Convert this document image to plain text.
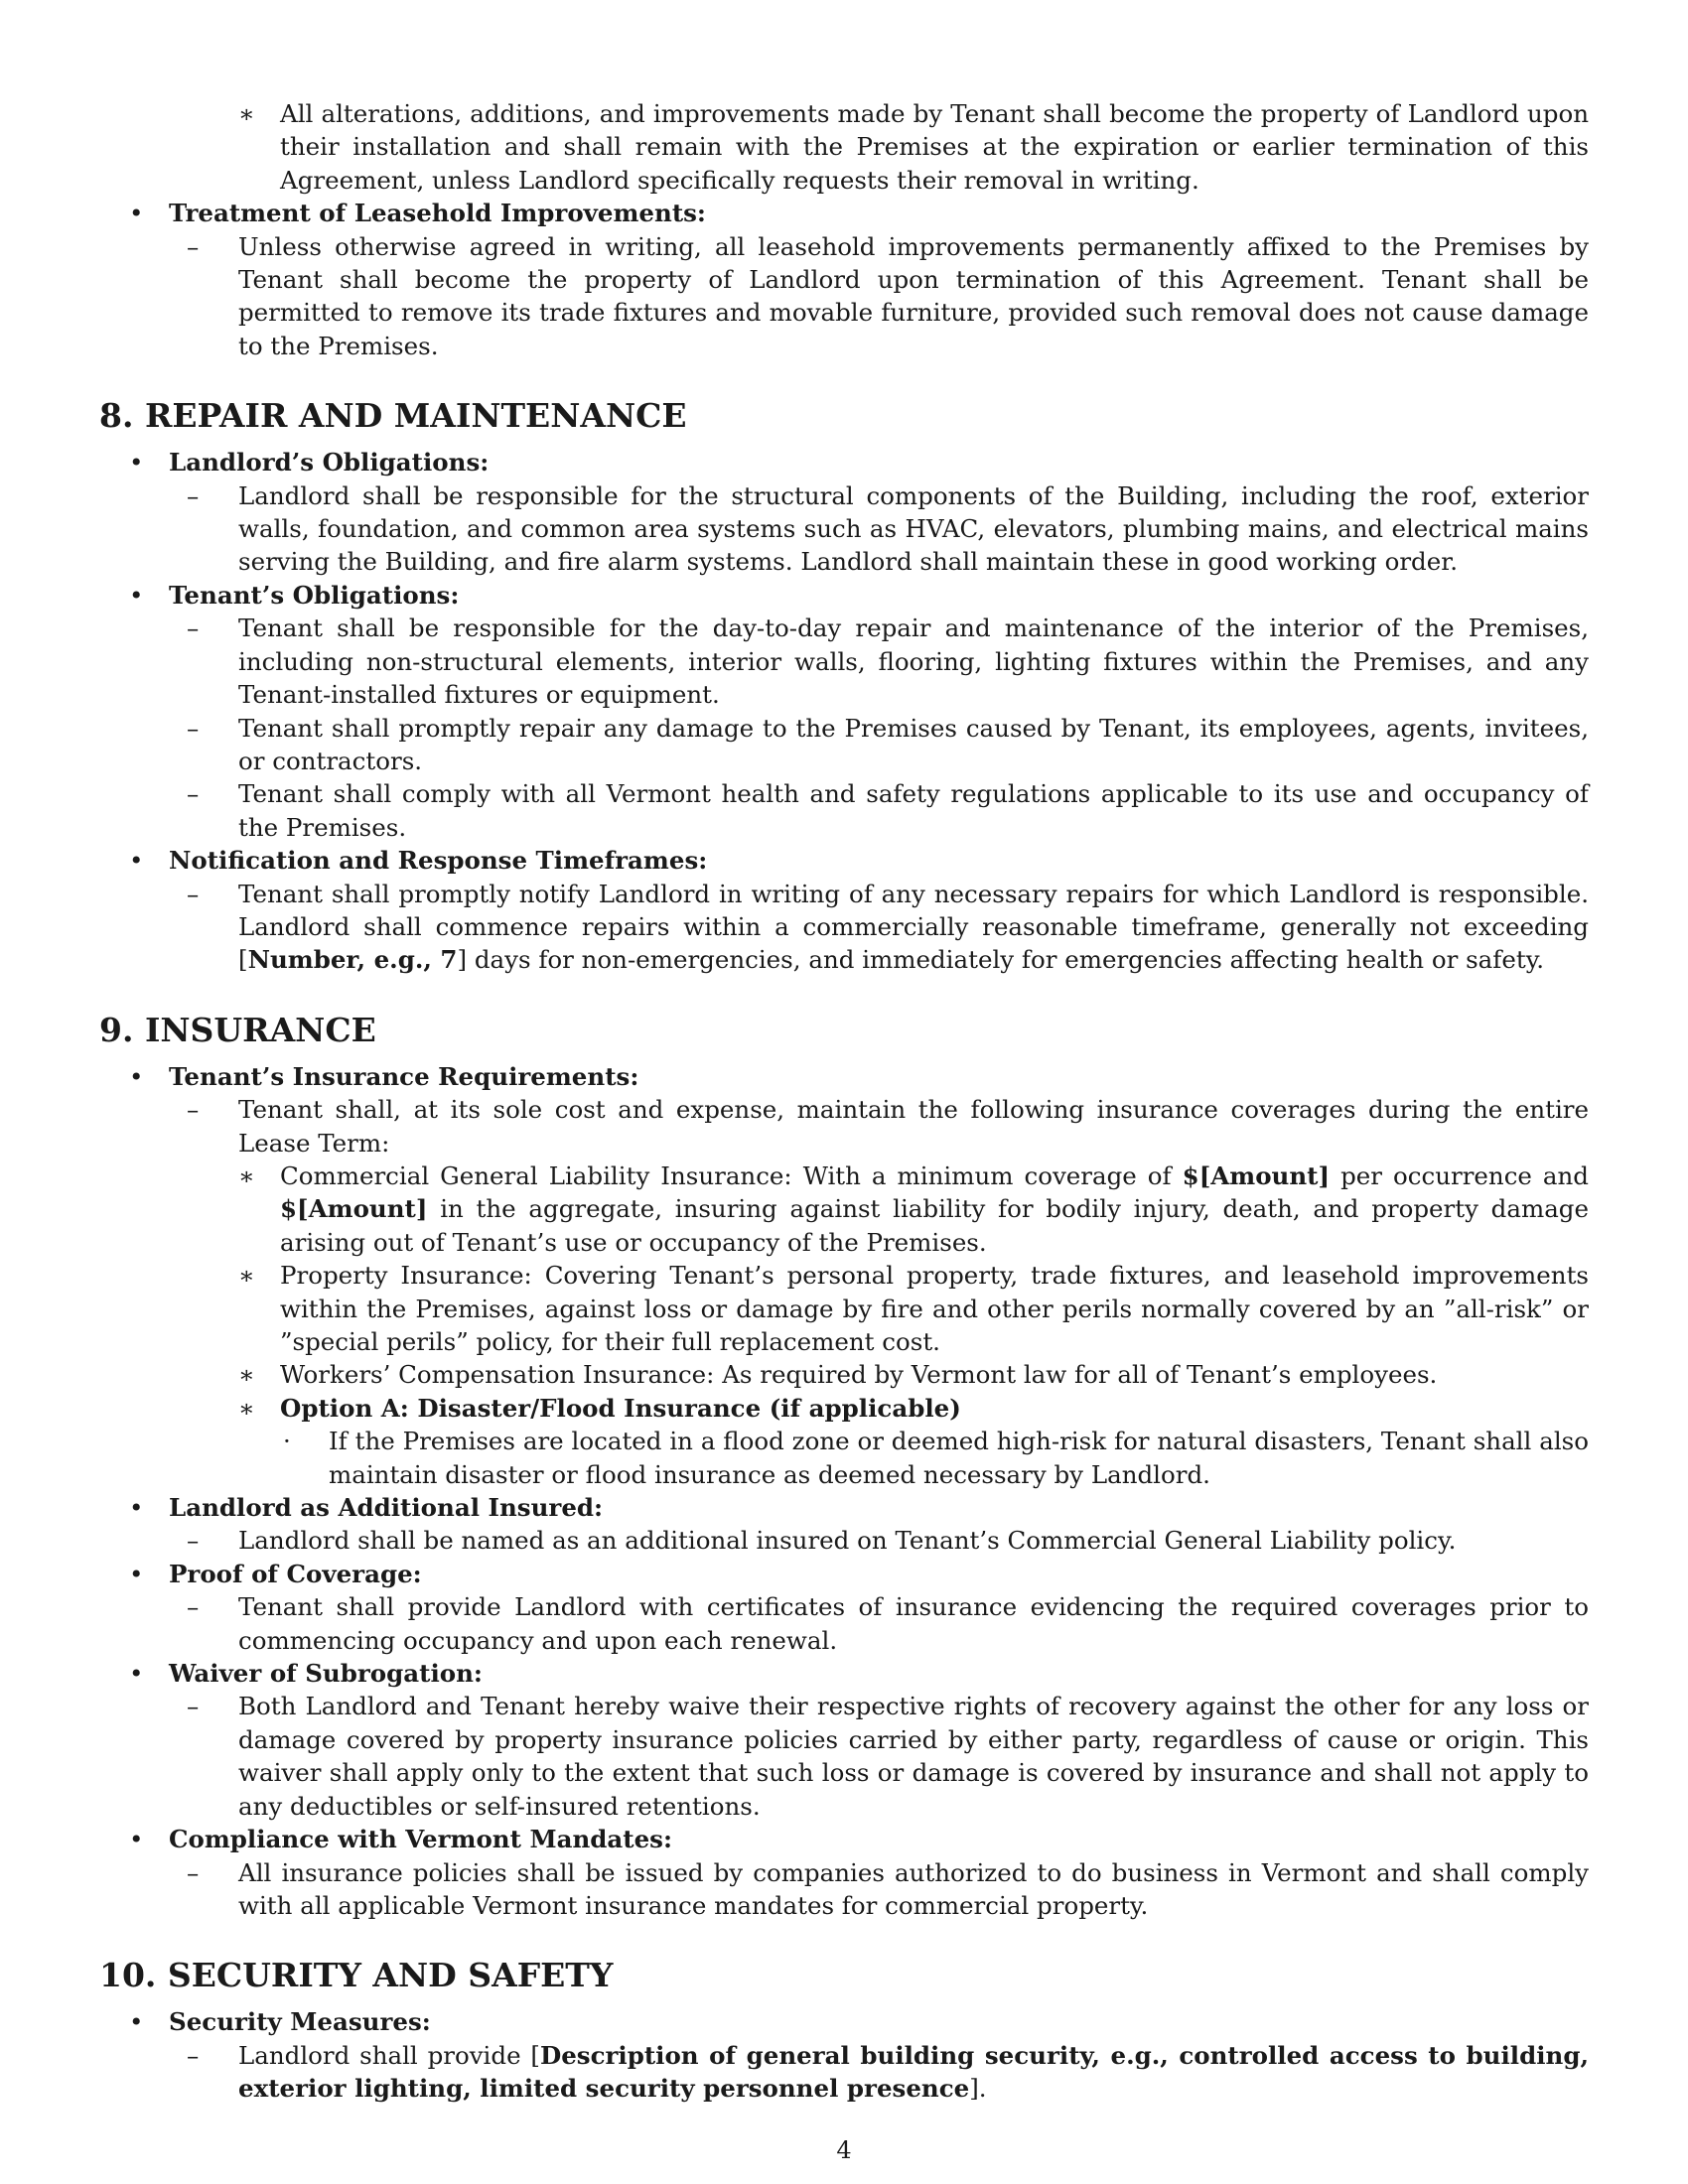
∗	All alterations, additions, and improvements made by Tenant shall become the property of Landlord upon their installation and shall remain with the Premises at the expiration or earlier termination of this Agreement, unless Landlord specifically requests their removal in writing.
•	Treatment of Leasehold Improvements:
–	Unless otherwise agreed in writing, all leasehold improvements permanently affixed to the Premises by Tenant shall become the property of Landlord upon termination of this Agreement. Tenant shall be permitted to remove its trade fixtures and movable furniture, provided such removal does not cause damage to the Premises.
8. REPAIR AND MAINTENANCE
•	Landlord’s Obligations:
–	Landlord shall be responsible for the structural components of the Building, including the roof, exterior walls, foundation, and common area systems such as HVAC, elevators, plumbing mains, and electrical mains serving the Building, and fire alarm systems. Landlord shall maintain these in good working order.
•	Tenant’s Obligations:
–	Tenant shall be responsible for the day-to-day repair and maintenance of the interior of the Premises, including non-structural elements, interior walls, flooring, lighting fixtures within the Premises, and any Tenant-installed fixtures or equipment.
–	Tenant shall promptly repair any damage to the Premises caused by Tenant, its employees, agents, invitees, or contractors.
–	Tenant shall comply with all Vermont health and safety regulations applicable to its use and occupancy of the Premises.
•	Notification and Response Timeframes:
–	Tenant shall promptly notify Landlord in writing of any necessary repairs for which Landlord is responsible. Landlord shall commence repairs within a commercially reasonable timeframe, generally not exceeding [Number, e.g., 7] days for non-emergencies, and immediately for emergencies affecting health or safety.
9. INSURANCE
•	Tenant’s Insurance Requirements:
–	Tenant shall, at its sole cost and expense, maintain the following insurance coverages during the entire Lease Term:
∗	Commercial General Liability Insurance: With a minimum coverage of $[Amount] per occurrence and $[Amount] in the aggregate, insuring against liability for bodily injury, death, and property damage arising out of Tenant’s use or occupancy of the Premises.
∗	Property Insurance: Covering Tenant’s personal property, trade fixtures, and leasehold improvements within the Premises, against loss or damage by fire and other perils normally covered by an ”all-risk” or ”special perils” policy, for their full replacement cost.
∗	Workers’ Compensation Insurance: As required by Vermont law for all of Tenant’s employees.
∗	Option A: Disaster/Flood Insurance (if applicable)
·	If the Premises are located in a flood zone or deemed high-risk for natural disasters, Tenant shall also maintain disaster or flood insurance as deemed necessary by Landlord.
•	Landlord as Additional Insured:
–	Landlord shall be named as an additional insured on Tenant’s Commercial General Liability policy.
•	Proof of Coverage:
–	Tenant shall provide Landlord with certificates of insurance evidencing the required coverages prior to commencing occupancy and upon each renewal.
•	Waiver of Subrogation:
–	Both Landlord and Tenant hereby waive their respective rights of recovery against the other for any loss or damage covered by property insurance policies carried by either party, regardless of cause or origin. This waiver shall apply only to the extent that such loss or damage is covered by insurance and shall not apply to any deductibles or self-insured retentions.
•	Compliance with Vermont Mandates:
–	All insurance policies shall be issued by companies authorized to do business in Vermont and shall comply with all applicable Vermont insurance mandates for commercial property.
10. SECURITY AND SAFETY
•	Security Measures:
–	Landlord shall provide [Description of general building security, e.g., controlled access to building, exterior lighting, limited security personnel presence].
4
